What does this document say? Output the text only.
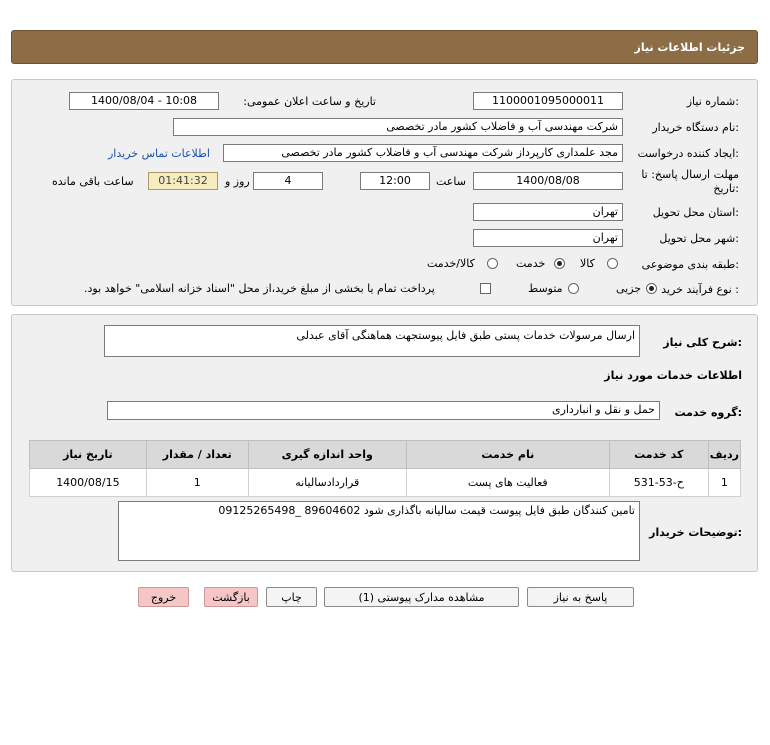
جزئیات اطلاعات نیاز
شماره نیاز:
1100001095000011
تاریخ و ساعت اعلان عمومی:
1400/08/04 - 10:08
نام دستگاه خریدار:
شرکت مهندسی آب و فاضلاب کشور مادر تخصصی
ایجاد کننده درخواست:
مجد علمداری کارپرداز شرکت مهندسی آب و فاضلاب کشور مادر تخصصی
اطلاعات تماس خریدار
مهلت ارسال پاسخ: تا
تاریخ:
1400/08/08
ساعت
12:00
4
روز و
01:41:32
ساعت باقی مانده
استان محل تحویل:
تهران
شهر محل تحویل:
تهران
طبقه بندی موضوعی:
کالا
خدمت
کالا/خدمت
نوع فرآیند خرید :
جزیی
متوسط
پرداخت تمام یا بخشی از مبلغ خرید،از محل "اسناد خزانه اسلامی" خواهد بود.
شرح کلی نیاز:
ارسال مرسولات خدمات پستی طبق فایل پیوستجهت هماهنگی آقای عبدلی
اطلاعات خدمات مورد نیاز
گروه خدمت:
حمل و نقل و انبارداری
ردیف	کد خدمت	نام خدمت	واحد اندازه گیری	تعداد / مقدار	تاریخ نیاز
1	ح-53-531	فعالیت های پست	قراردادسالیانه	1	1400/08/15
توضیحات خریدار:
تامین کنندگان طبق فایل پیوست قیمت سالیانه باگذاری شود 89604602 _09125265498
پاسخ به نیاز
مشاهده مدارک پیوستی (1)
چاپ
بازگشت
خروج
